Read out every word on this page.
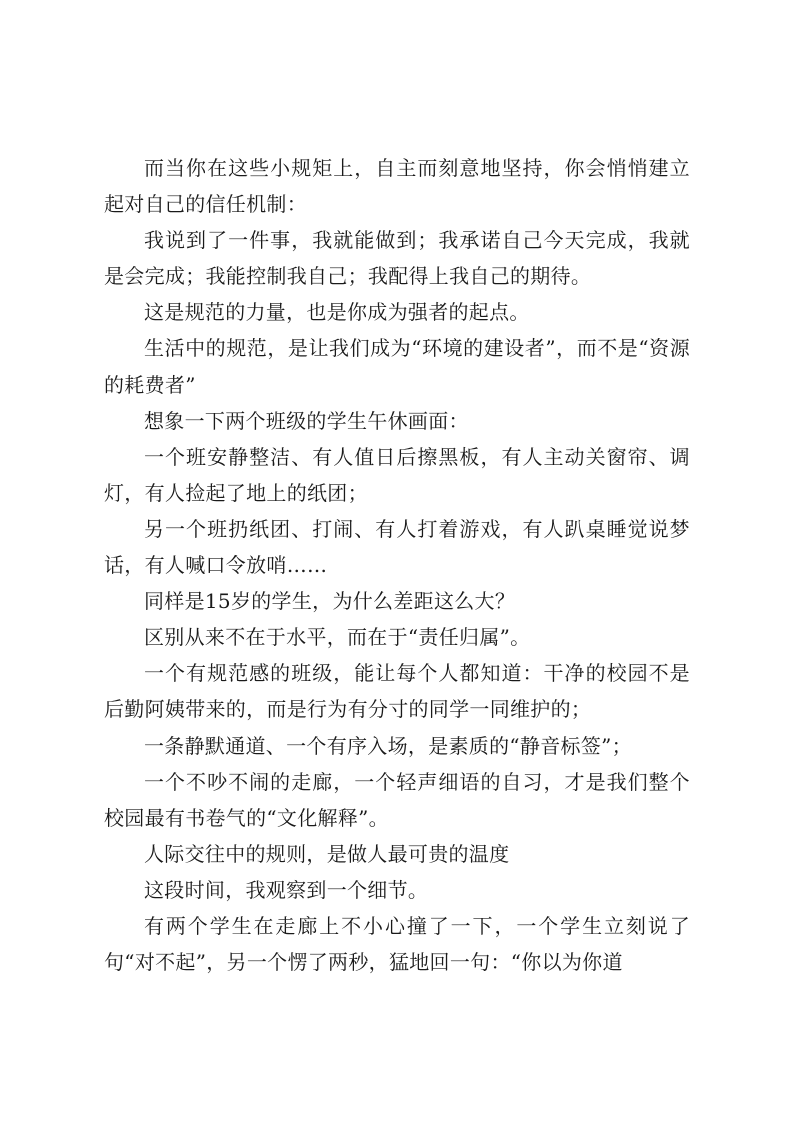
而当你在这些小规矩上，自主而刻意地坚持，你会悄悄建立起对自己的信任机制：

我说到了一件事，我就能做到；我承诺自己今天完成，我就是会完成；我能控制我自己；我配得上我自己的期待。

这是规范的力量，也是你成为强者的起点。

生活中的规范，是让我们成为“环境的建设者”，而不是“资源的耗费者”

想象一下两个班级的学生午休画面：

一个班安静整洁、有人值日后擦黑板，有人主动关窗帘、调灯，有人捡起了地上的纸团；

另一个班扔纸团、打闹、有人打着游戏，有人趴桌睡觉说梦话，有人喊口令放哨……

同样是15岁的学生，为什么差距这么大？

区别从来不在于水平，而在于“责任归属”。

一个有规范感的班级，能让每个人都知道：干净的校园不是后勤阿姨带来的，而是行为有分寸的同学一同维护的；

一条静默通道、一个有序入场，是素质的“静音标签”；

一个不吵不闹的走廊，一个轻声细语的自习，才是我们整个校园最有书卷气的“文化解释”。

人际交往中的规则，是做人最可贵的温度

这段时间，我观察到一个细节。

有两个学生在走廊上不小心撞了一下，一个学生立刻说了句“对不起”，另一个愣了两秒，猛地回一句：“你以为你道
